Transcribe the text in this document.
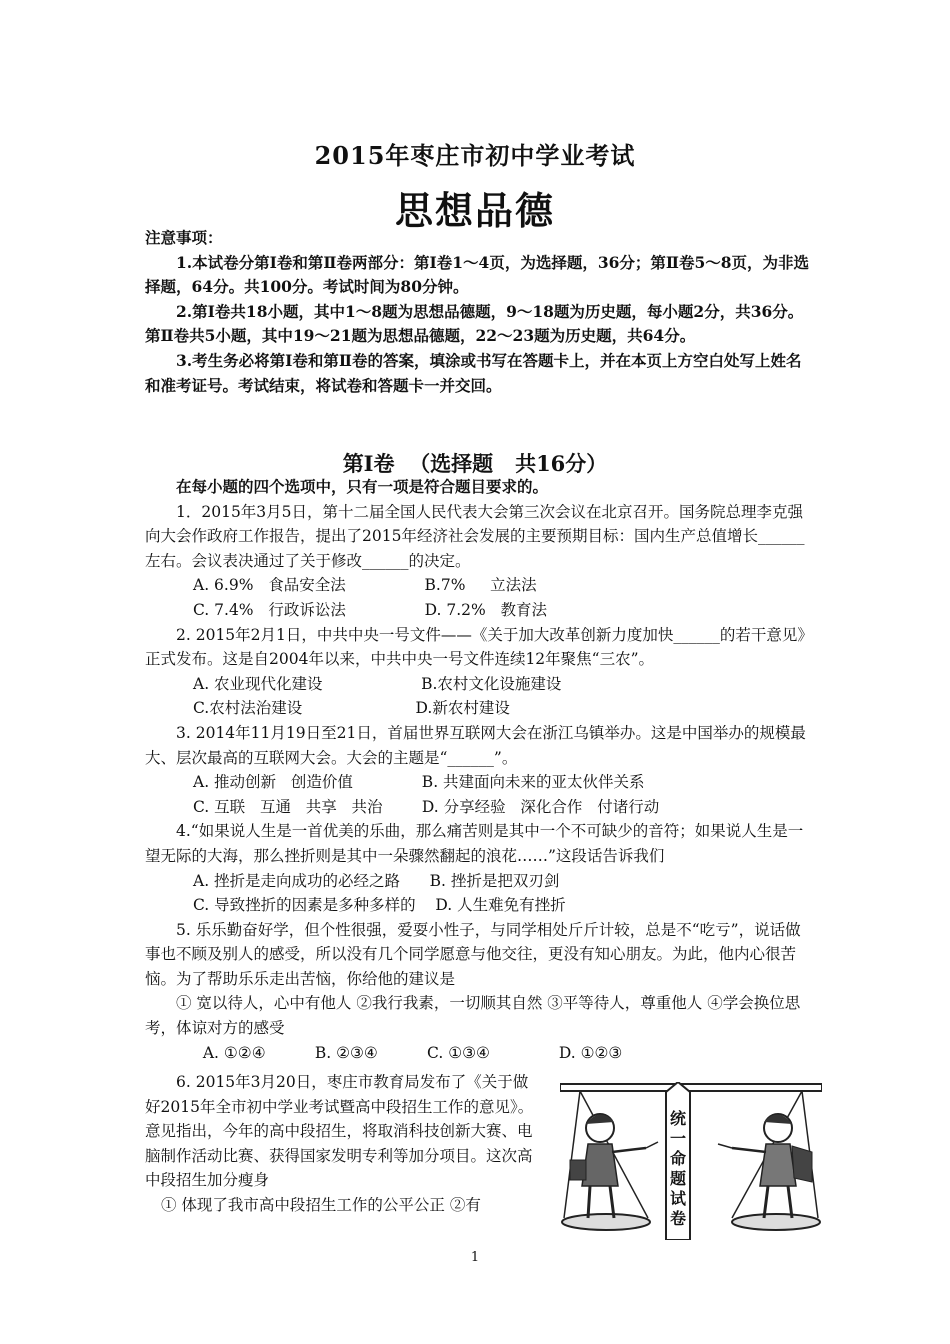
2015年枣庄市初中学业考试
思想品德

注意事项：

1.本试卷分第Ⅰ卷和第Ⅱ卷两部分：第Ⅰ卷1～4页，为选择题，36分；第Ⅱ卷5～8页，为非选择题，64分。共100分。考试时间为80分钟。

2.第Ⅰ卷共18小题，其中1～8题为思想品德题，9～18题为历史题，每小题2分，共36分。第Ⅱ卷共5小题，其中19～21题为思想品德题，22～23题为历史题，共64分。

3.考生务必将第Ⅰ卷和第Ⅱ卷的答案，填涂或书写在答题卡上，并在本页上方空白处写上姓名和准考证号。考试结束，将试卷和答题卡一并交回。

第Ⅰ卷  （选择题   共16分）

在每小题的四个选项中，只有一项是符合题目要求的。

1．2015年3月5日，第十二届全国人民代表大会第三次会议在北京召开。国务院总理李克强向大会作政府工作报告，提出了2015年经济社会发展的主要预期目标：国内生产总值增长______左右。会议表决通过了关于修改______的决定。

A. 6.9%   食品安全法                B.7%     立法法

C. 7.4%   行政诉讼法                D. 7.2%   教育法

2. 2015年2月1日，中共中央一号文件——《关于加大改革创新力度加快______的若干意见》正式发布。这是自2004年以来，中共中央一号文件连续12年聚焦“三农”。

A. 农业现代化建设                    B.农村文化设施建设

C.农村法治建设                       D.新农村建设

3. 2014年11月19日至21日，首届世界互联网大会在浙江乌镇举办。这是中国举办的规模最大、层次最高的互联网大会。大会的主题是“______”。

A. 推动创新   创造价值              B. 共建面向未来的亚太伙伴关系

C. 互联   互通   共享   共治        D. 分享经验   深化合作   付诸行动

4.“如果说人生是一首优美的乐曲，那么痛苦则是其中一个不可缺少的音符；如果说人生是一望无际的大海，那么挫折则是其中一朵骤然翻起的浪花……”这段话告诉我们

A. 挫折是走向成功的必经之路      B. 挫折是把双刃剑

C. 导致挫折的因素是多种多样的    D. 人生难免有挫折

5. 乐乐勤奋好学，但个性很强，爱耍小性子，与同学相处斤斤计较，总是不“吃亏”，说话做事也不顾及别人的感受，所以没有几个同学愿意与他交往，更没有知心朋友。为此，他内心很苦恼。为了帮助乐乐走出苦恼，你给他的建议是

① 宽以待人，心中有他人 ②我行我素，一切顺其自然 ③平等待人，尊重他人 ④学会换位思考，体谅对方的感受

A. ①②④          B. ②③④          C. ①③④              D. ①②③

6. 2015年3月20日，枣庄市教育局发布了《关于做好2015年全市初中学业考试暨高中段招生工作的意见》。意见指出，今年的高中段招生，将取消科技创新大赛、电脑制作活动比赛、获得国家发明专利等加分项目。这次高中段招生加分瘦身

① 体现了我市高中段招生工作的公平公正 ②有

统
一
命
题
试
卷
1
